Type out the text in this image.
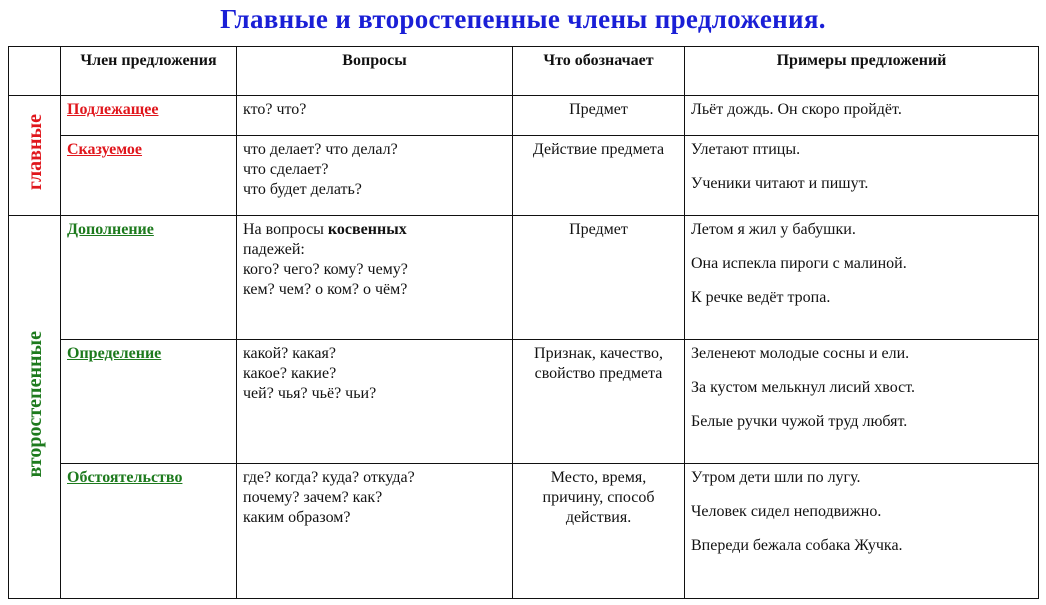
Главные и второстепенные члены предложения.
	Член предложения	Вопросы	Что обозначает	Примеры предложений
главные	Подлежащее	кто? что?	Предмет	Льёт дождь. Он скоро пройдёт.

	Сказуемое	что делает? что делал?
что сделает?
что будет делать?	Действие предмета	Улетают птицы.
Ученики читают и пишут.

второстепенные	Дополнение	На вопросы косвенных
падежей:
кого? чего? кому? чему?
кем? чем? о ком? о чём?	Предмет	Летом я жил у бабушки.
Она испекла пироги с малиной.
К речке ведёт тропа.

	Определение	какой? какая?
какое? какие?
чей? чья? чьё? чьи?	Признак, качество, свойство предмета	Зеленеют молодые сосны и ели.
За кустом мелькнул лисий хвост.
Белые ручки чужой труд любят.

	Обстоятельство	где? когда? куда? откуда?
почему? зачем? как?
каким образом?	Место, время, причину, способ действия.	Утром дети шли по лугу.
Человек сидел неподвижно.
Впереди бежала собака Жучка.
